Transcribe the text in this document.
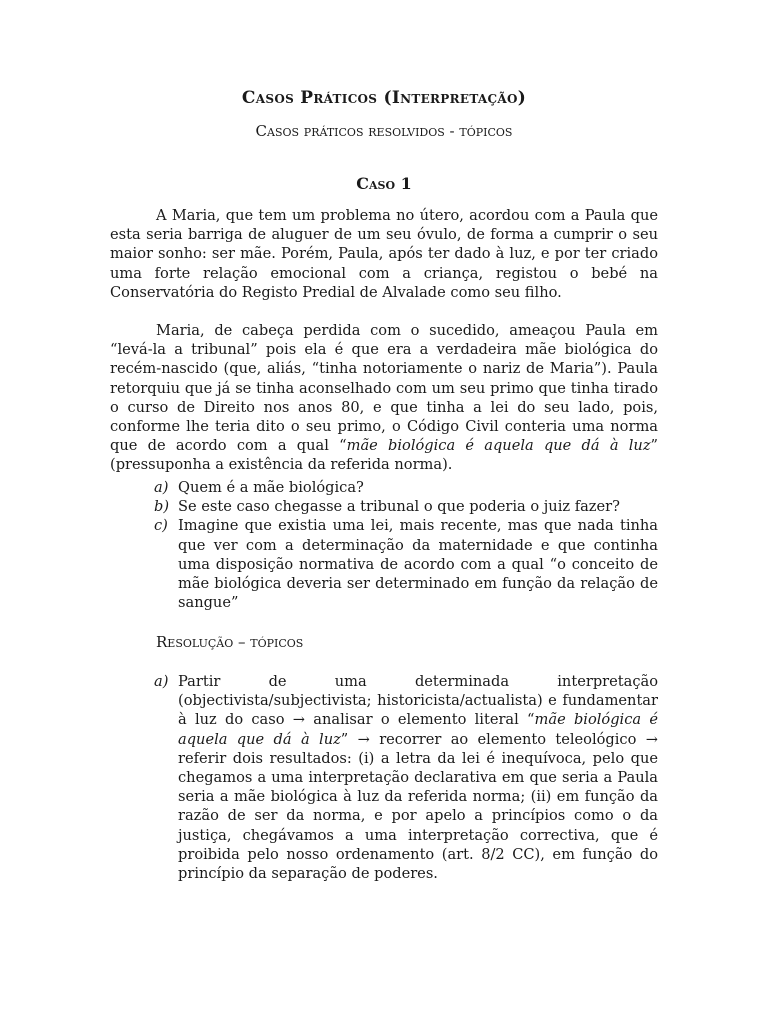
Casos Práticos (Interpretação)
Casos práticos resolvidos - tópicos
Caso 1

A Maria, que tem um problema no útero, acordou com a Paula que esta seria barriga de aluguer de um seu óvulo, de forma a cumprir o seu maior sonho: ser mãe. Porém, Paula, após ter dado à luz, e por ter criado uma forte relação emocional com a criança, registou o bebé na Conservatória do Registo Predial de Alvalade como seu filho.

Maria, de cabeça perdida com o sucedido, ameaçou Paula em “levá-la a tribunal” pois ela é que era a verdadeira mãe biológica do recém-nascido (que, aliás, “tinha notoriamente o nariz de Maria”). Paula retorquiu que já se tinha aconselhado com um seu primo que tinha tirado o curso de Direito nos anos 80, e que tinha a lei do seu lado, pois, conforme lhe teria dito o seu primo, o Código Civil conteria uma norma que de acordo com a qual “mãe biológica é aquela que dá à luz” (pressuponha a existência da referida norma).

a) Quem é a mãe biológica?
b) Se este caso chegasse a tribunal o que poderia o juiz fazer?
c) Imagine que existia uma lei, mais recente, mas que nada tinha que ver com a determinação da maternidade e que continha uma disposição normativa de acordo com a qual “o conceito de mãe biológica deveria ser determinado em função da relação de sangue”
Resolução – tópicos
a) Partir de uma determinada interpretação (objectivista/subjectivista; historicista/actualista) e fundamentar à luz do caso → analisar o elemento literal “mãe biológica é aquela que dá à luz” → recorrer ao elemento teleológico → referir dois resultados: (i) a letra da lei é inequívoca, pelo que chegamos a uma interpretação declarativa em que seria a Paula seria a mãe biológica à luz da referida norma; (ii) em função da razão de ser da norma, e por apelo a princípios como o da justiça, chegávamos a uma interpretação correctiva, que é proibida pelo nosso ordenamento (art. 8/2 CC), em função do princípio da separação de poderes.
